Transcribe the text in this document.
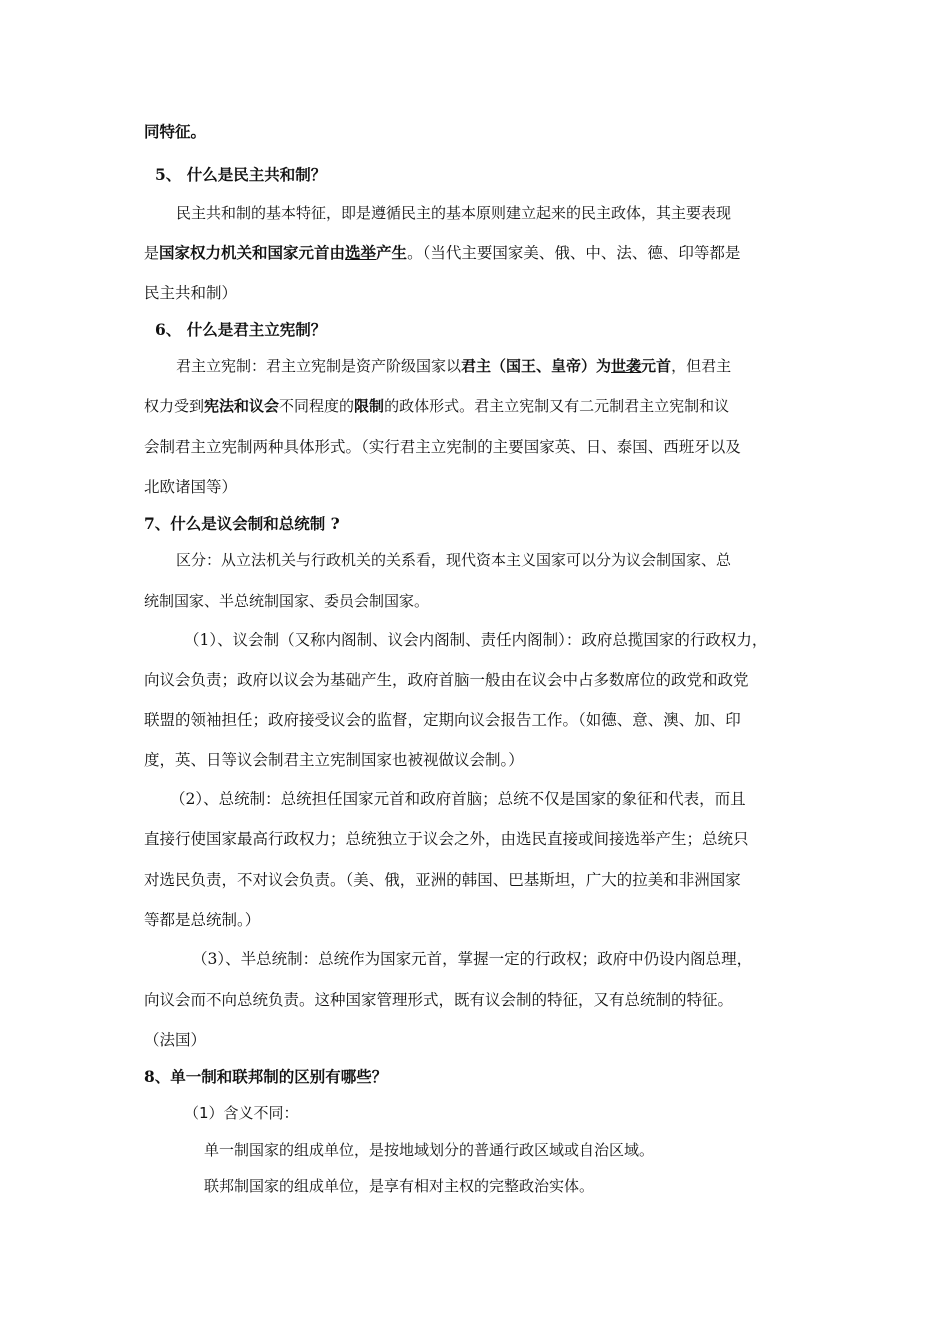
同特征。
5、 什么是民主共和制？
民主共和制的基本特征，即是遵循民主的基本原则建立起来的民主政体，其主要表现
是国家权力机关和国家元首由选举产生。（当代主要国家美、俄、中、法、德、印等都是
民主共和制）
6、 什么是君主立宪制？
君主立宪制：君主立宪制是资产阶级国家以君主（国王、皇帝）为世袭元首，但君主
权力受到宪法和议会不同程度的限制的政体形式。君主立宪制又有二元制君主立宪制和议
会制君主立宪制两种具体形式。（实行君主立宪制的主要国家英、日、泰国、西班牙以及
北欧诸国等）
7、什么是议会制和总统制 ?
区分：从立法机关与行政机关的关系看，现代资本主义国家可以分为议会制国家、总
统制国家、半总统制国家、委员会制国家。
（1）、议会制（又称内阁制、议会内阁制、责任内阁制）：政府总揽国家的行政权力，
向议会负责；政府以议会为基础产生，政府首脑一般由在议会中占多数席位的政党和政党
联盟的领袖担任；政府接受议会的监督，定期向议会报告工作。（如德、意、澳、加、印
度，英、日等议会制君主立宪制国家也被视做议会制。）
（2）、总统制：总统担任国家元首和政府首脑；总统不仅是国家的象征和代表，而且
直接行使国家最高行政权力；总统独立于议会之外，由选民直接或间接选举产生；总统只
对选民负责，不对议会负责。（美、俄，亚洲的韩国、巴基斯坦，广大的拉美和非洲国家
等都是总统制。）
（3）、半总统制：总统作为国家元首，掌握一定的行政权；政府中仍设内阁总理，
向议会而不向总统负责。这种国家管理形式，既有议会制的特征，又有总统制的特征。
（法国）
8、单一制和联邦制的区别有哪些？
（1）含义不同：
单一制国家的组成单位，是按地域划分的普通行政区域或自治区域。
联邦制国家的组成单位，是享有相对主权的完整政治实体。
